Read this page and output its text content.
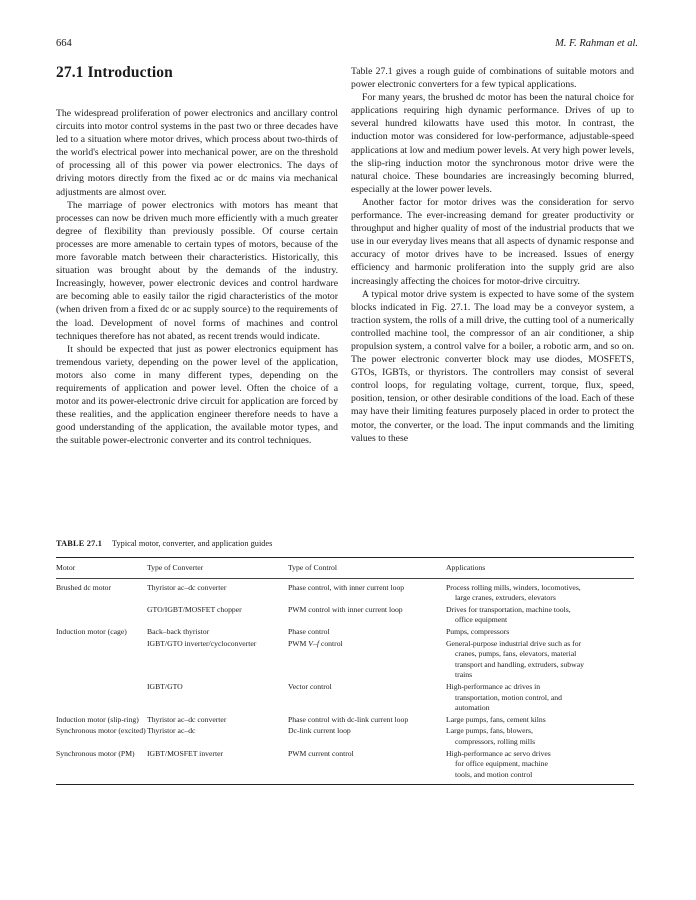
664	M. F. Rahman et al.
27.1 Introduction

The widespread proliferation of power electronics and ancillary control circuits into motor control systems in the past two or three decades have led to a situation where motor drives, which process about two-thirds of the world's electrical power into mechanical power, are on the threshold of processing all of this power via power electronics. The days of driving motors directly from the fixed ac or dc mains via mechanical adjustments are almost over.

The marriage of power electronics with motors has meant that processes can now be driven much more efficiently with a much greater degree of flexibility than previously possible. Of course certain processes are more amenable to certain types of motors, because of the more favorable match between their characteristics. Historically, this situation was brought about by the demands of the industry. Increasingly, however, power electronic devices and control hardware are becoming able to easily tailor the rigid characteristics of the motor (when driven from a fixed dc or ac supply source) to the requirements of the load. Development of novel forms of machines and control techniques therefore has not abated, as recent trends would indicate.

It should be expected that just as power electronics equipment has tremendous variety, depending on the power level of the application, motors also come in many different types, depending on the requirements of application and power level. Often the choice of a motor and its power-electronic drive circuit for application are forced by these realities, and the application engineer therefore needs to have a good understanding of the application, the available motor types, and the suitable power-electronic converter and its control techniques.

Table 27.1 gives a rough guide of combinations of suitable motors and power electronic converters for a few typical applications.

For many years, the brushed dc motor has been the natural choice for applications requiring high dynamic performance. Drives of up to several hundred kilowatts have used this motor. In contrast, the induction motor was considered for low-performance, adjustable-speed applications at low and medium power levels. At very high power levels, the slip-ring induction motor the synchronous motor drive were the natural choice. These boundaries are increasingly becoming blurred, especially at the lower power levels.

Another factor for motor drives was the consideration for servo performance. The ever-increasing demand for greater productivity or throughput and higher quality of most of the industrial products that we use in our everyday lives means that all aspects of dynamic response and accuracy of motor drives have to be increased. Issues of energy efficiency and harmonic proliferation into the supply grid are also increasingly affecting the choices for motor-drive circuitry.

A typical motor drive system is expected to have some of the system blocks indicated in Fig. 27.1. The load may be a conveyor system, a traction system, the rolls of a mill drive, the cutting tool of a numerically controlled machine tool, the compressor of an air conditioner, a ship propulsion system, a control valve for a boiler, a robotic arm, and so on. The power electronic converter block may use diodes, MOSFETS, GTOs, IGBTs, or thyristors. The controllers may consist of several control loops, for regulating voltage, current, torque, flux, speed, position, tension, or other desirable conditions of the load. Each of these may have their limiting features purposely placed in order to protect the motor, the converter, or the load. The input commands and the limiting values to these

TABLE 27.1 Typical motor, converter, and application guides
Motor	Type of Converter	Type of Control	Applications

Brushed dc motor	Thyristor ac–dc converter	Phase control, with inner current loop	Process rolling mills, winders, locomotives,
large cranes, extruders, elevators

	GTO/IGBT/MOSFET chopper	PWM control with inner current loop	Drives for transportation, machine tools,
office equipment

Induction motor (cage)	Back–back thyristor	Phase control	Pumps, compressors

	IGBT/GTO inverter/cycloconverter	PWM V–f control	General-purpose industrial drive such as for
cranes, pumps, fans, elevators, material
transport and handling, extruders, subway
trains

	IGBT/GTO	Vector control	High-performance ac drives in
transportation, motion control, and
automation

Induction motor (slip-ring)	Thyristor ac–dc converter	Phase control with dc-link current loop	Large pumps, fans, cement kilns

Synchronous motor (excited)	Thyristor ac–dc	Dc-link current loop	Large pumps, fans, blowers,
compressors, rolling mills

Synchronous motor (PM)	IGBT/MOSFET inverter	PWM current control	High-performance ac servo drives
for office equipment, machine
tools, and motion control
